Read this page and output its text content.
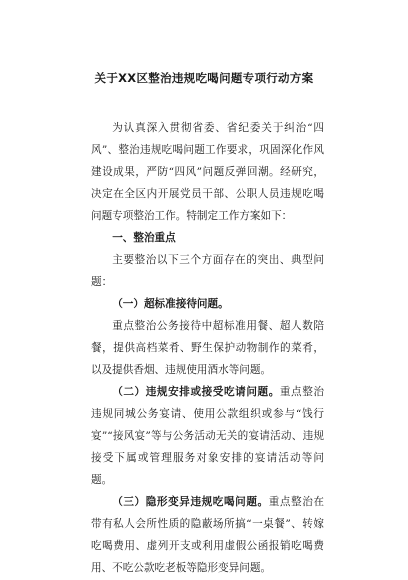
关于XX区整治违规吃喝问题专项行动方案

为认真深入贯彻省委、省纪委关于纠治“四风”、整治违规吃喝问题工作要求，巩固深化作风建设成果，严防“四风”问题反弹回潮。经研究，决定在全区内开展党员干部、公职人员违规吃喝问题专项整治工作。特制定工作方案如下：

一、整治重点

主要整治以下三个方面存在的突出、典型问题：

（一）超标准接待问题。

重点整治公务接待中超标准用餐、超人数陪餐，提供高档菜肴、野生保护动物制作的菜肴，以及提供香烟、违规使用酒水等问题。

（二）违规安排或接受吃请问题。重点整治违规同城公务宴请、使用公款组织或参与“饯行宴”“接风宴”等与公务活动无关的宴请活动、违规接受下属或管理服务对象安排的宴请活动等问题。

（三）隐形变异违规吃喝问题。重点整治在带有私人会所性质的隐蔽场所搞“一桌餐”、转嫁吃喝费用、虚列开支或利用虚假公函报销吃喝费用、不吃公款吃老板等隐形变异问题。
